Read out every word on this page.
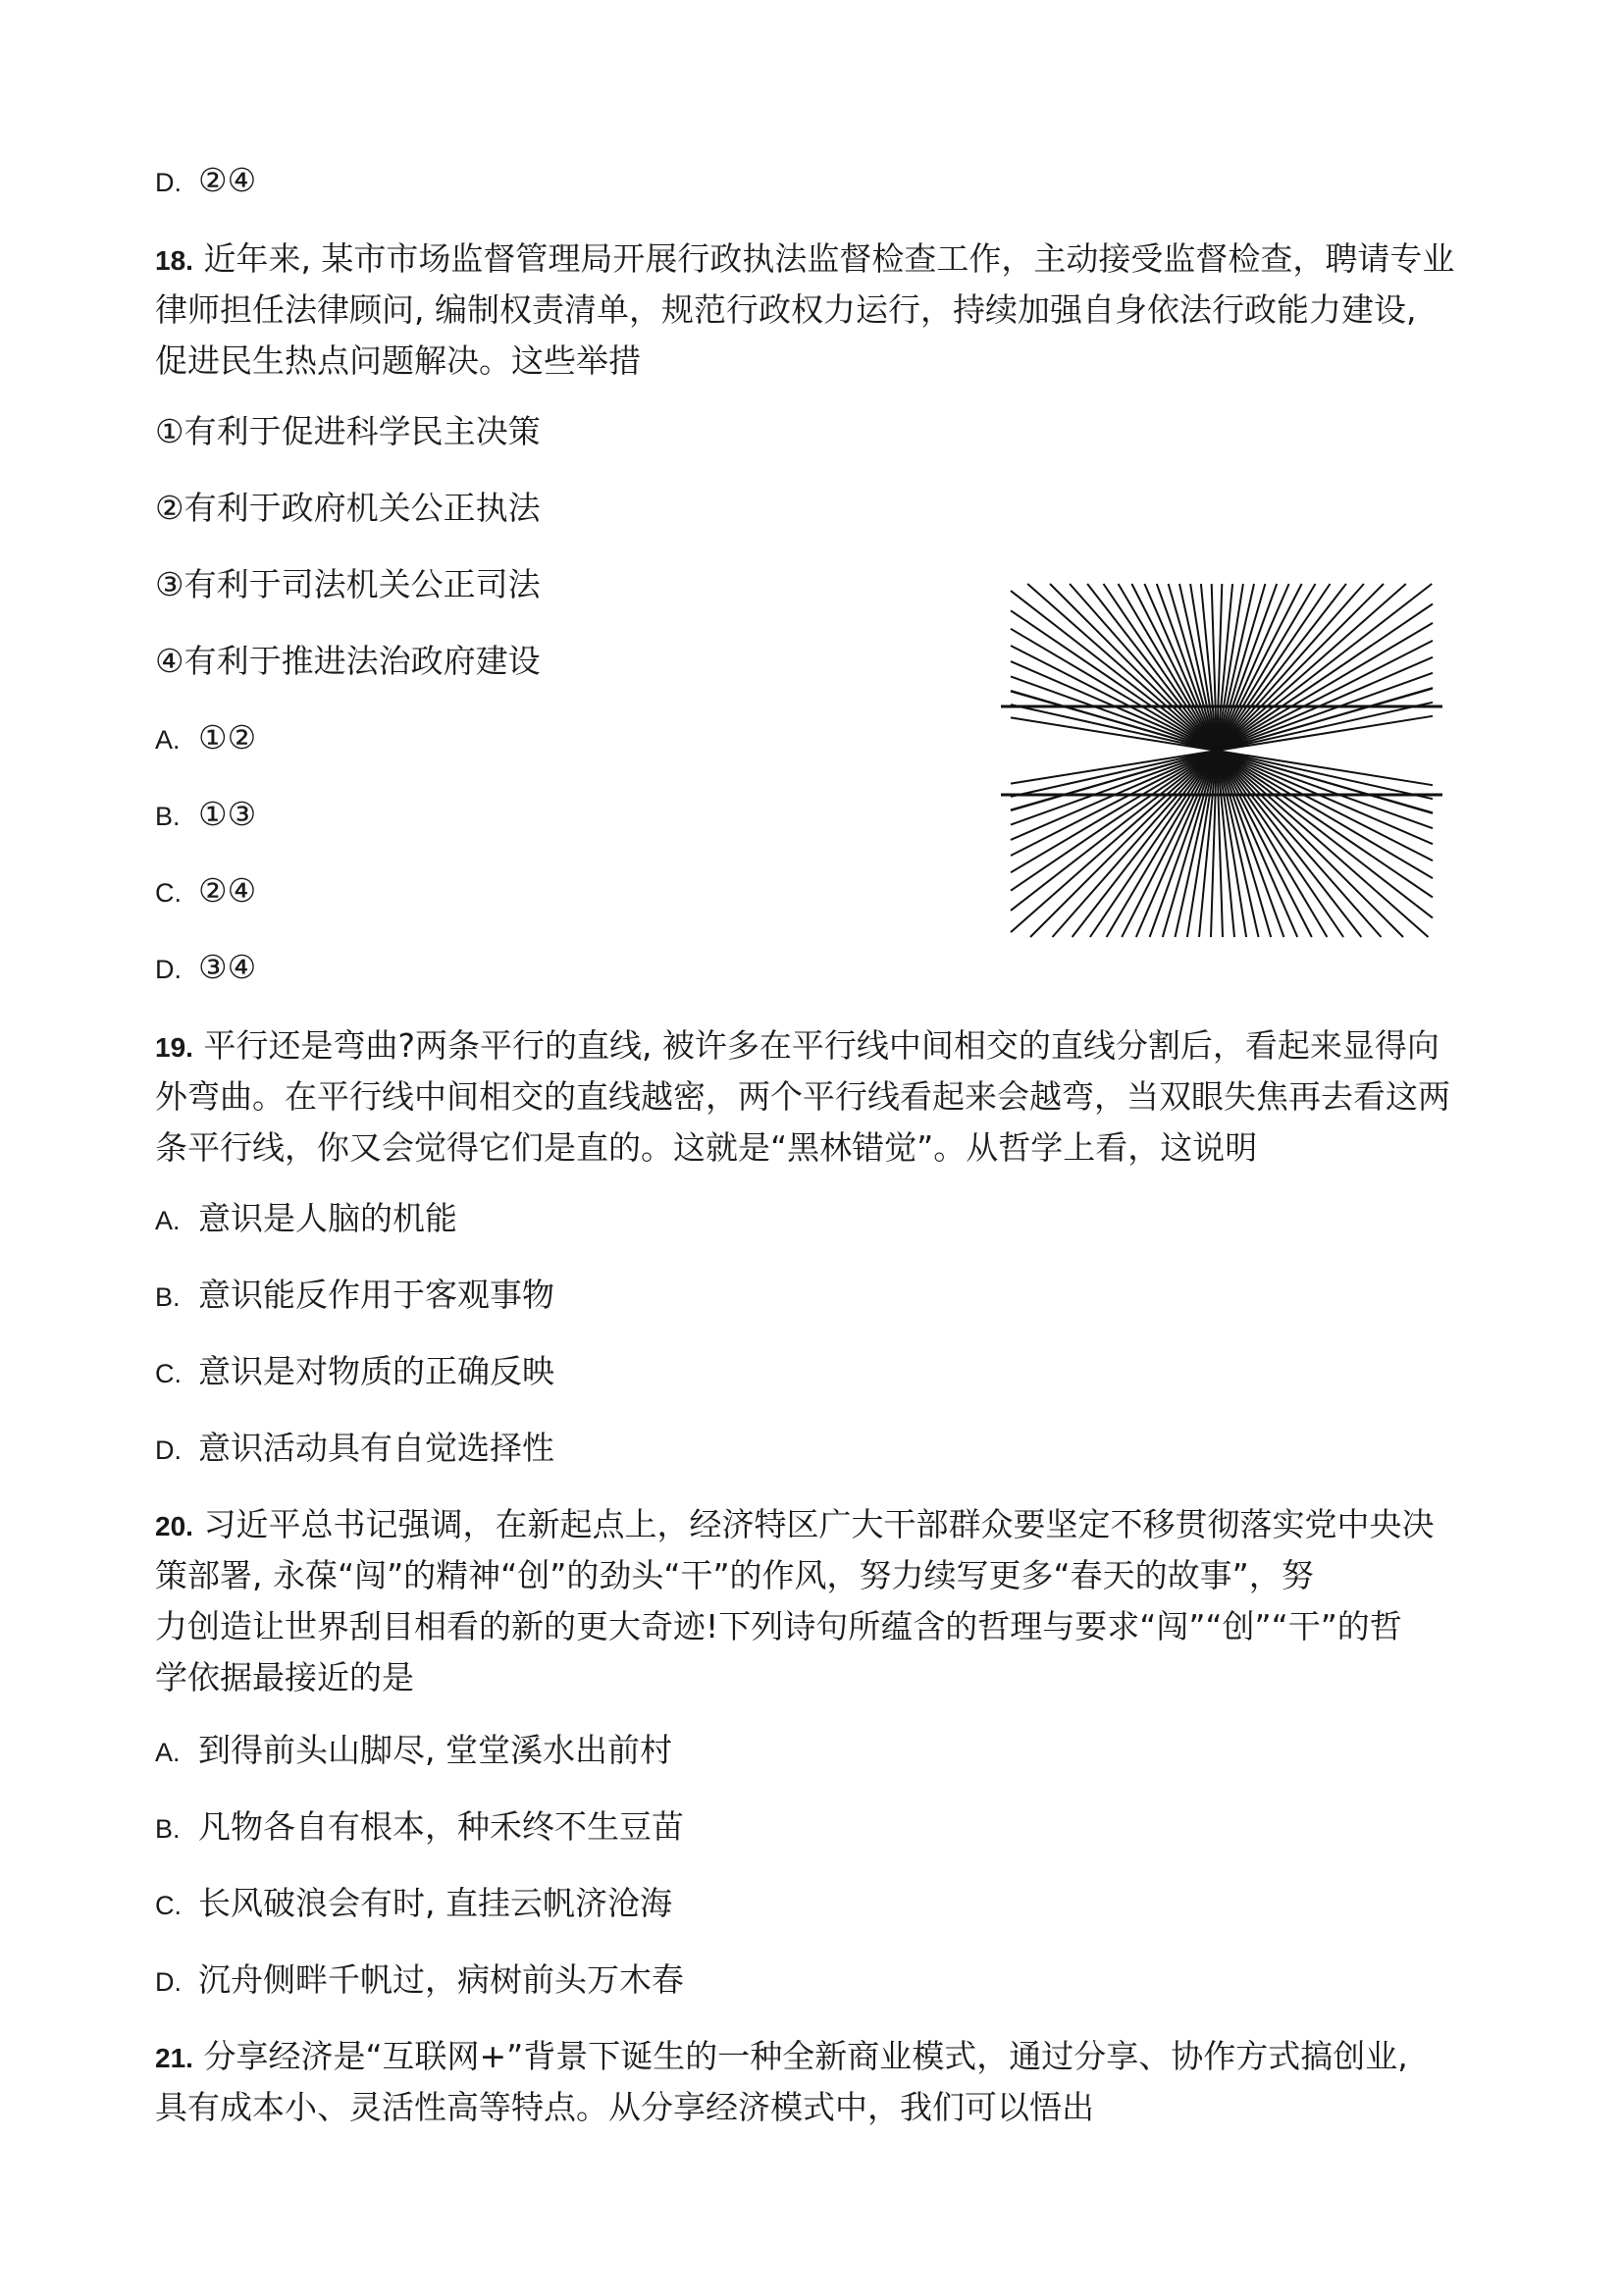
D. ②④
18. 近年来, 某市市场监督管理局开展行政执法监督检查工作，主动接受监督检查，聘请专业
律师担任法律顾问, 编制权责清单，规范行政权力运行，持续加强自身依法行政能力建设,
促进民生热点问题解决。这些举措
①有利于促进科学民主决策
②有利于政府机关公正执法
③有利于司法机关公正司法
④有利于推进法治政府建设
A. ①②
B. ①③
C. ②④
D. ③④
19. 平行还是弯曲?两条平行的直线, 被许多在平行线中间相交的直线分割后，看起来显得向
外弯曲。在平行线中间相交的直线越密，两个平行线看起来会越弯，当双眼失焦再去看这两
条平行线，你又会觉得它们是直的。这就是“黑林错觉”。从哲学上看，这说明
A. 意识是人脑的机能
B. 意识能反作用于客观事物
C. 意识是对物质的正确反映
D. 意识活动具有自觉选择性
20. 习近平总书记强调，在新起点上，经济特区广大干部群众要坚定不移贯彻落实党中央决
策部署, 永葆“闯”的精神“创”的劲头“干”的作风，努力续写更多“春天的故事”，努
力创造让世界刮目相看的新的更大奇迹!下列诗句所蕴含的哲理与要求“闯”“创”“干”的哲
学依据最接近的是
A. 到得前头山脚尽, 堂堂溪水出前村
B. 凡物各自有根本，种禾终不生豆苗
C. 长风破浪会有时, 直挂云帆济沧海
D. 沉舟侧畔千帆过，病树前头万木春
21. 分享经济是“互联网+”背景下诞生的一种全新商业模式，通过分享、协作方式搞创业,
具有成本小、灵活性高等特点。从分享经济模式中，我们可以悟出
